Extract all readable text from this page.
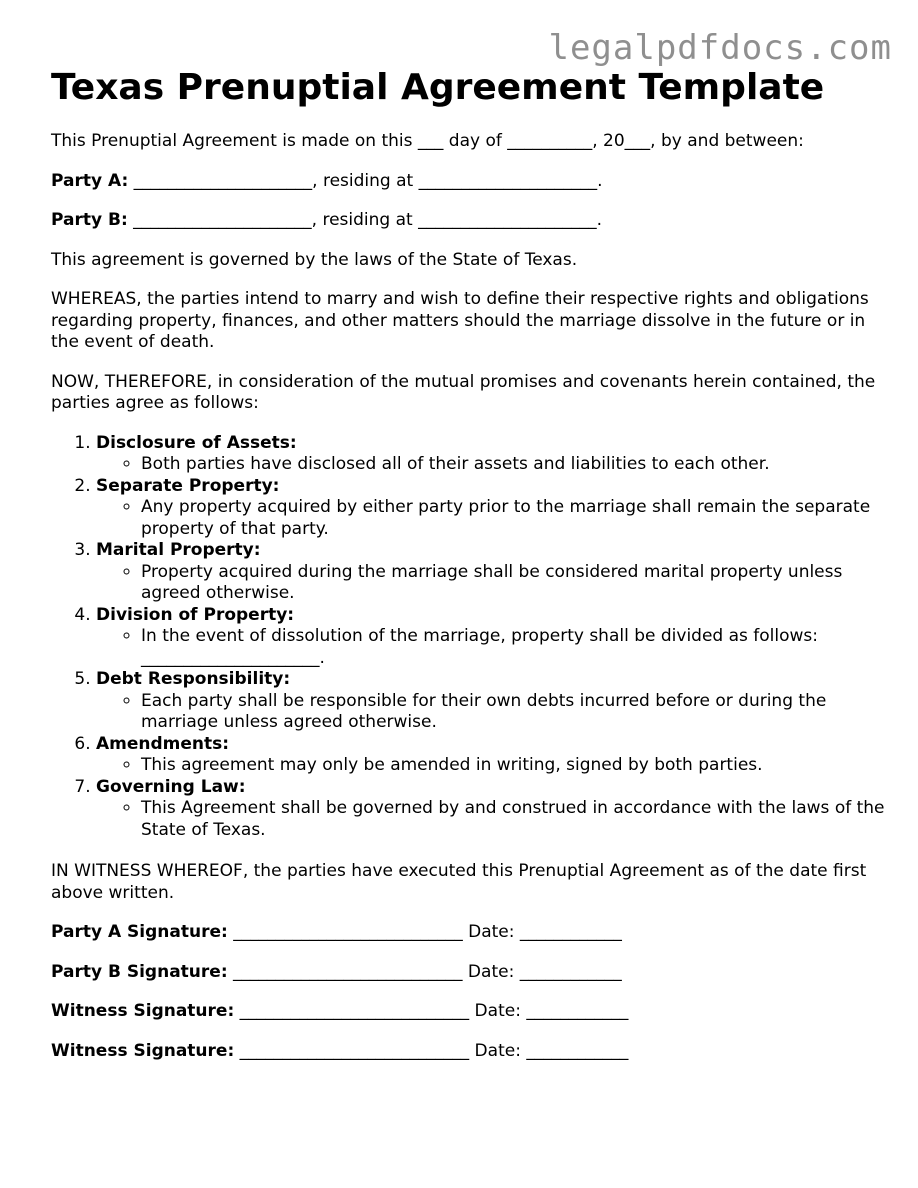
legalpdfdocs.com
Texas Prenuptial Agreement Template

This Prenuptial Agreement is made on this ___ day of __________, 20___, by and between:

Party A: _____________________, residing at _____________________.

Party B: _____________________, residing at _____________________.

This agreement is governed by the laws of the State of Texas.

WHEREAS, the parties intend to marry and wish to define their respective rights and obligations regarding property, finances, and other matters should the marriage dissolve in the future or in the event of death.

NOW, THEREFORE, in consideration of the mutual promises and covenants herein contained, the parties agree as follows:

1. Disclosure of Assets:
◦ Both parties have disclosed all of their assets and liabilities to each other.
2. Separate Property:
◦ Any property acquired by either party prior to the marriage shall remain the separate property of that party.
3. Marital Property:
◦ Property acquired during the marriage shall be considered marital property unless agreed otherwise.
4. Division of Property:
◦ In the event of dissolution of the marriage, property shall be divided as follows: _____________________.
5. Debt Responsibility:
◦ Each party shall be responsible for their own debts incurred before or during the marriage unless agreed otherwise.
6. Amendments:
◦ This agreement may only be amended in writing, signed by both parties.
7. Governing Law:
◦ This Agreement shall be governed by and construed in accordance with the laws of the State of Texas.

IN WITNESS WHEREOF, the parties have executed this Prenuptial Agreement as of the date first above written.

Party A Signature: ___________________________ Date: ____________

Party B Signature: ___________________________ Date: ____________

Witness Signature: ___________________________ Date: ____________

Witness Signature: ___________________________ Date: ____________
